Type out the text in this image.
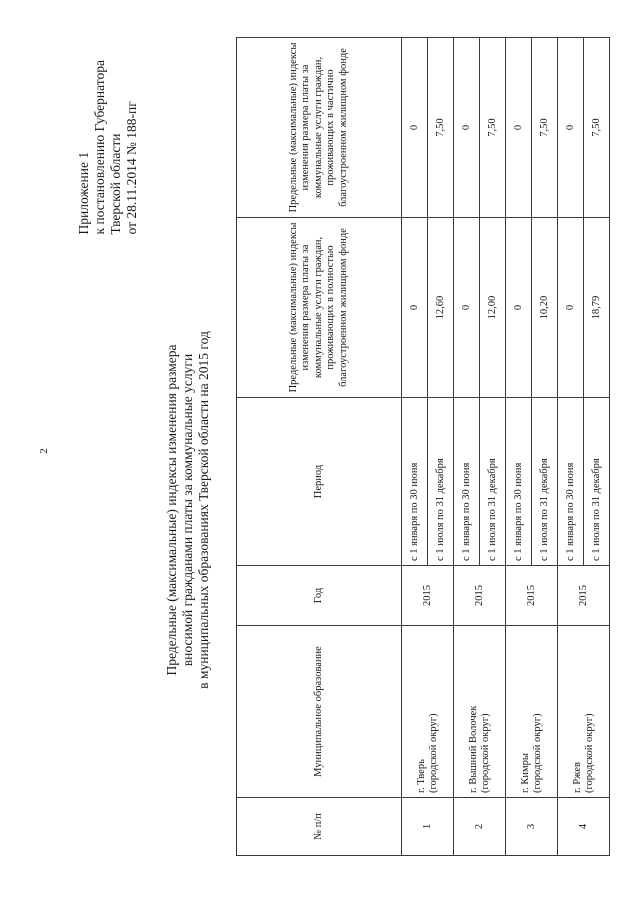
2
Приложение 1 к постановлению Губернатора Тверской области от 28.11.2014 № 188-пг
Предельные (максимальные) индексы изменения размера вносимой гражданами платы за коммунальные услуги в муниципальных образованиях Тверской области на 2015 год
№ п/п	Муниципальное образование	Год	Период	Предельные (максимальные) индексы изменения размера платы за коммунальные услуги граждан, проживающих в полностью благоустроенном жилищном фонде	Предельные (максимальные) индексы изменения размера платы за коммунальные услуги граждан, проживающих в частично благоустроенном жилищном фонде
1	г. Тверь (городской округ)	2015	с 1 января по 30 июня	0	0
			с 1 июля по 31 декабря	12,60	7,50
2	г. Вышний Волочек (городской округ)	2015	с 1 января по 30 июня	0	0
			с 1 июля по 31 декабря	12,00	7,50
3	г. Кимры (городской округ)	2015	с 1 января по 30 июня	0	0
			с 1 июля по 31 декабря	10,20	7,50
4	г. Ржев (городской округ)	2015	с 1 января по 30 июня	0	0
			с 1 июля по 31 декабря	18,79	7,50
